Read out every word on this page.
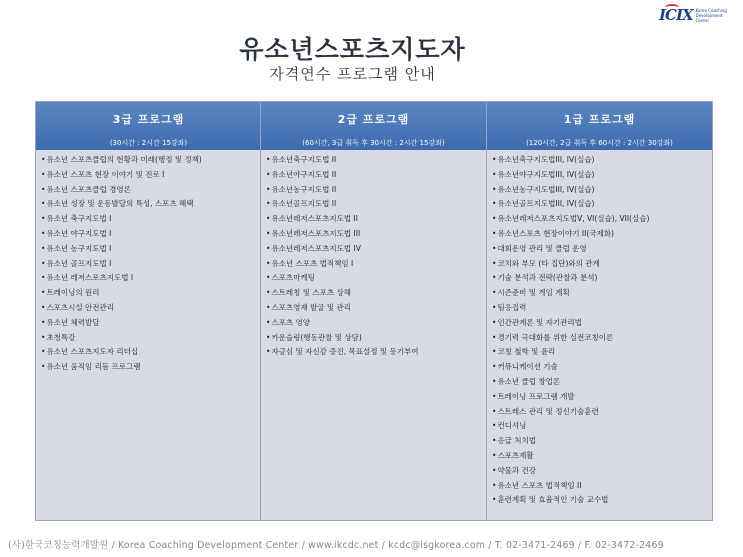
ICIX Korea Coaching
Development Center
유소년스포츠지도자
자격연수 프로그램 안내
3급 프로그램
(30시간 : 2시간 15강좌)
• 유소년 스포츠클럽의 현황과 미래(행정 및 정책)
• 유소년 스포츠 현장 이야기 및 진로 I
• 유소년 스포츠클럽 경영론
• 유소년 성장 및 운동발달의 특성, 스포츠 혜택
• 유소년 축구지도법 I
• 유소년 야구지도법 I
• 유소년 농구지도법 I
• 유소년 골프지도법 I
• 유소년 레저스포츠지도법 I
• 트레이닝의 원리
• 스포츠시설 안전관리
• 유소년 체력발달
• 초청특강
• 유소년 스포츠지도자 리더십
• 유소년 움직임 리듬 프로그램
2급 프로그램
(60시간, 3급 취득 후 30시간 : 2시간 15강좌)
• 유소년축구지도법 II
• 유소년야구지도법 II
• 유소년농구지도법 II
• 유소년골프지도법 II
• 유소년레저스포츠지도법 II
• 유소년레저스포츠지도법 III
• 유소년레저스포츠지도법 IV
• 유소년 스포츠 법적책임 I
• 스포츠마케팅
• 스트레칭 및 스포츠 상해
• 스포츠영재 발굴 및 관리
• 스포츠 영양
• 카운슬링(행동관찰 및 상담)
• 자긍심 및 자신감 증진, 목표설정 및 동기부여
1급 프로그램
(120시간, 2급 취득 후 60시간 : 2시간 30강좌)
• 유소년축구지도법III, IV(실습)
• 유소년야구지도법III, IV(실습)
• 유소년농구지도법III, IV(실습)
• 유소년골프지도법III, IV(실습)
• 유소년레저스포츠지도법V, VI(실습), VII(실습)
• 유소년스포츠 현장이야기 II(국제화)
• 대회운영 관리 및 클럽 운영
• 코치와 부모 (타 집단)와의 관계
• 기술 분석과 전략(관찰과 분석)
• 시즌준비 및 게임 계획
• 팀응집력
• 인간관계론 및 자기관리법
• 경기력 극대화를 위한 실전코칭이론
• 코칭 철학 및 윤리
• 커뮤니케이션 기술
• 유소년 클럽 창업론
• 트레이닝 프로그램 개발
• 스트레스 관리 및 정신기술훈련
• 컨디셔닝
• 응급 처치법
• 스포츠재활
• 약물과 건강
• 유소년 스포츠 법적책임 II
• 훈련계획 및 효율적인 기술 교수법
(사)한국코칭능력개발원 / Korea Coaching Development Center / www.ikcdc.net / kcdc@isgkorea.com / T. 02-3471-2469 / F. 02-3472-2469
